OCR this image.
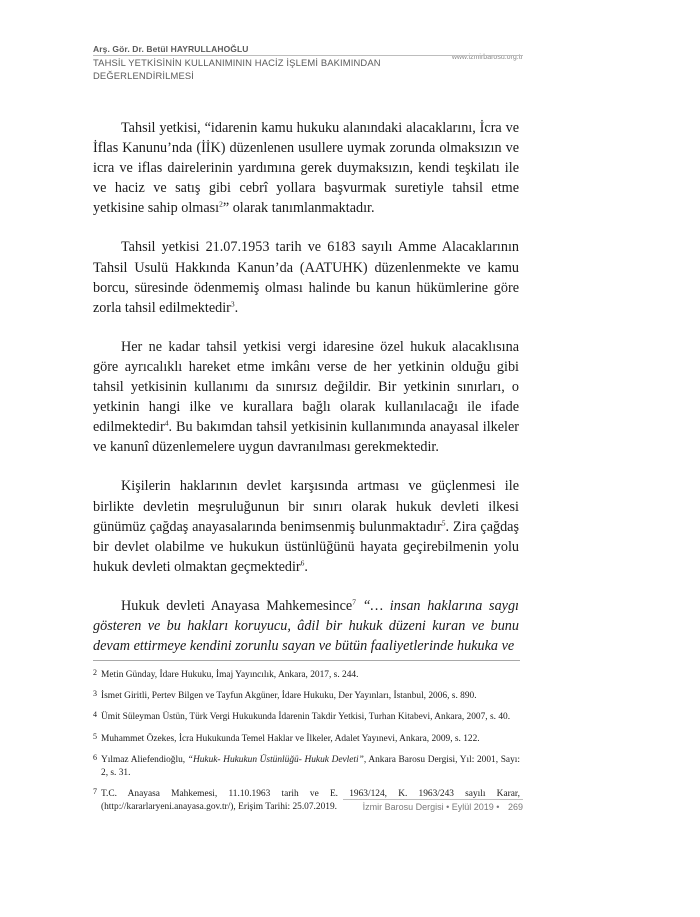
Arş. Gör. Dr. Betül HAYRULLAHOĞLU
www.izmirbarosu.org.tr
TAHSİL YETKİSİNİN KULLANIMININ HACİZ İŞLEMİ BAKIMINDAN
DEĞERLENDİRİLMESİ

Tahsil yetkisi, “idarenin kamu hukuku alanındaki alacaklarını, İcra ve İflas Kanunu’nda (İİK) düzenlenen usullere uymak zorunda olmaksızın ve icra ve iflas dairelerinin yardımına gerek duymaksızın, kendi teşkilatı ile ve haciz ve satış gibi cebrî yollara başvurmak suretiyle tahsil etme yetkisine sahip olması$^2$” olarak tanımlanmaktadır.

Tahsil yetkisi 21.07.1953 tarih ve 6183 sayılı Amme Alacaklarının Tahsil Usulü Hakkında Kanun’da (AATUHK) düzenlenmekte ve kamu borcu, süresinde ödenmemiş olması halinde bu kanun hükümlerine göre zorla tahsil edilmektedir$^3$.

Her ne kadar tahsil yetkisi vergi idaresine özel hukuk alacaklısına göre ayrıcalıklı hareket etme imkânı verse de her yetkinin olduğu gibi tahsil yetkisinin kullanımı da sınırsız değildir. Bir yetkinin sınırları, o yetkinin hangi ilke ve kurallara bağlı olarak kullanılacağı ile ifade edilmektedir$^4$. Bu bakımdan tahsil yetkisinin kullanımında anayasal ilkeler ve kanunî düzenlemelere uygun davranılması gerekmektedir.

Kişilerin haklarının devlet karşısında artması ve güçlenmesi ile birlikte devletin meşruluğunun bir sınırı olarak hukuk devleti ilkesi günümüz çağdaş anayasalarında benimsenmiş bulunmaktadır$^5$. Zira çağdaş bir devlet olabilme ve hukukun üstünlüğünü hayata geçirebilmenin yolu hukuk devleti olmaktan geçmektedir$^6$.

Hukuk devleti Anayasa Mahkemesince$^7$ “… insan haklarına saygı gösteren ve bu hakları koruyucu, âdil bir hukuk düzeni kuran ve bunu devam ettirmeye kendini zorunlu sayan ve bütün faaliyetlerinde hukuka ve

2 Metin Günday, İdare Hukuku, İmaj Yayıncılık, Ankara, 2017, s. 244.
3 İsmet Giritli, Pertev Bilgen ve Tayfun Akgüner, İdare Hukuku, Der Yayınları, İstanbul, 2006, s. 890.
4 Ümit Süleyman Üstün, Türk Vergi Hukukunda İdarenin Takdir Yetkisi, Turhan Kitabevi, Ankara, 2007, s. 40.
5 Muhammet Özekes, İcra Hukukunda Temel Haklar ve İlkeler, Adalet Yayınevi, Ankara, 2009, s. 122.
6 Yılmaz Aliefendioğlu, “Hukuk- Hukukun Üstünlüğü- Hukuk Devleti”, Ankara Barosu Dergisi, Yıl: 2001, Sayı: 2, s. 31.
7 T.C. Anayasa Mahkemesi, 11.10.1963 tarih ve E. 1963/124, K. 1963/243 sayılı Karar, (http://kararlaryeni.anayasa.gov.tr/), Erişim Tarihi: 25.07.2019.	İzmir Barosu Dergisi • Eylül 2019 • 269
